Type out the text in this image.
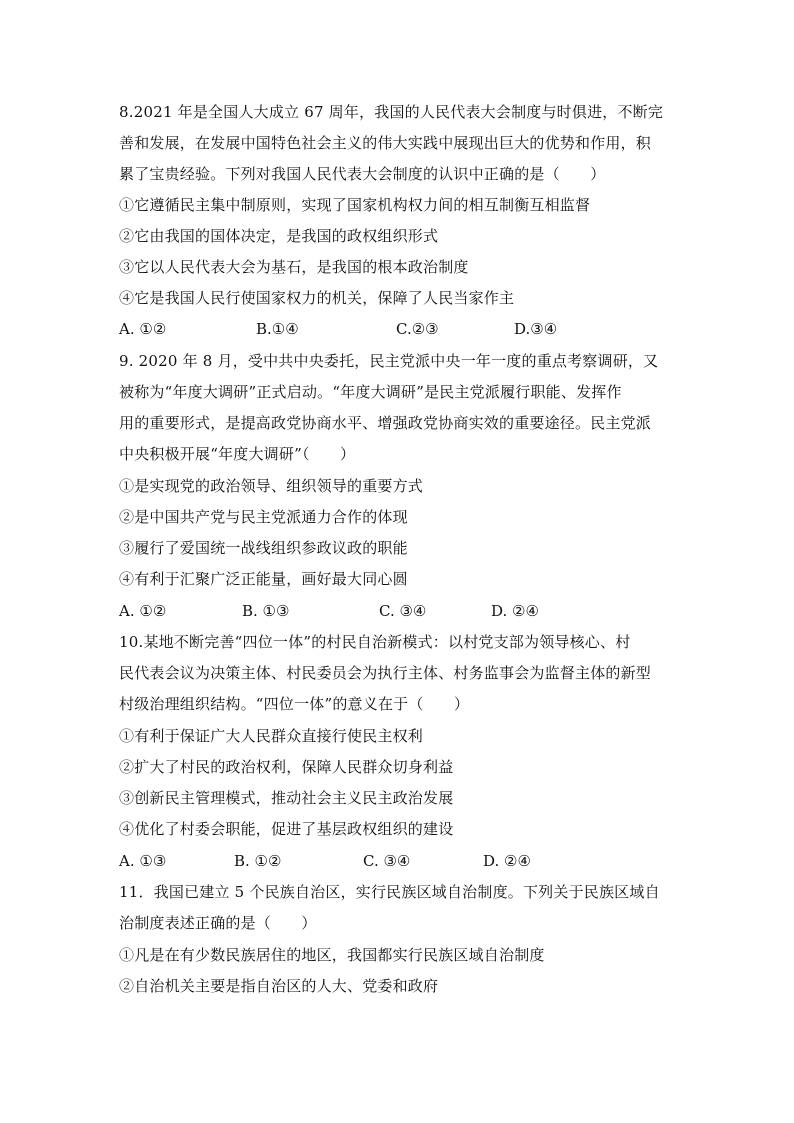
8.2021 年是全国人大成立 67 周年，我国的人民代表大会制度与时俱进，不断完
善和发展，在发展中国特色社会主义的伟大实践中展现出巨大的优势和作用，积
累了宝贵经验。下列对我国人民代表大会制度的认识中正确的是（　　）
①它遵循民主集中制原则，实现了国家机构权力间的相互制衡互相监督
②它由我国的国体决定，是我国的政权组织形式
③它以人民代表大会为基石，是我国的根本政治制度
④它是我国人民行使国家权力的机关，保障了人民当家作主
A. ①②	B.①④	C.②③	D.③④
9. 2020 年 8 月，受中共中央委托，民主党派中央一年一度的重点考察调研，又
被称为“年度大调研”正式启动。“年度大调研”是民主党派履行职能、发挥作
用的重要形式，是提高政党协商水平、增强政党协商实效的重要途径。民主党派
中央积极开展“年度大调研”（　　）
①是实现党的政治领导、组织领导的重要方式
②是中国共产党与民主党派通力合作的体现
③履行了爱国统一战线组织参政议政的职能
④有利于汇聚广泛正能量，画好最大同心圆
A. ①②	B. ①③	C. ③④	D. ②④
10.某地不断完善“四位一体”的村民自治新模式：以村党支部为领导核心、村
民代表会议为决策主体、村民委员会为执行主体、村务监事会为监督主体的新型
村级治理组织结构。“四位一体”的意义在于（　　）
①有利于保证广大人民群众直接行使民主权利
②扩大了村民的政治权利，保障人民群众切身利益
③创新民主管理模式，推动社会主义民主政治发展
④优化了村委会职能，促进了基层政权组织的建设
A. ①③	B. ①②	C. ③④	D. ②④
11．我国已建立 5 个民族自治区，实行民族区域自治制度。下列关于民族区域自
治制度表述正确的是（　　）
①凡是在有少数民族居住的地区，我国都实行民族区域自治制度
②自治机关主要是指自治区的人大、党委和政府
